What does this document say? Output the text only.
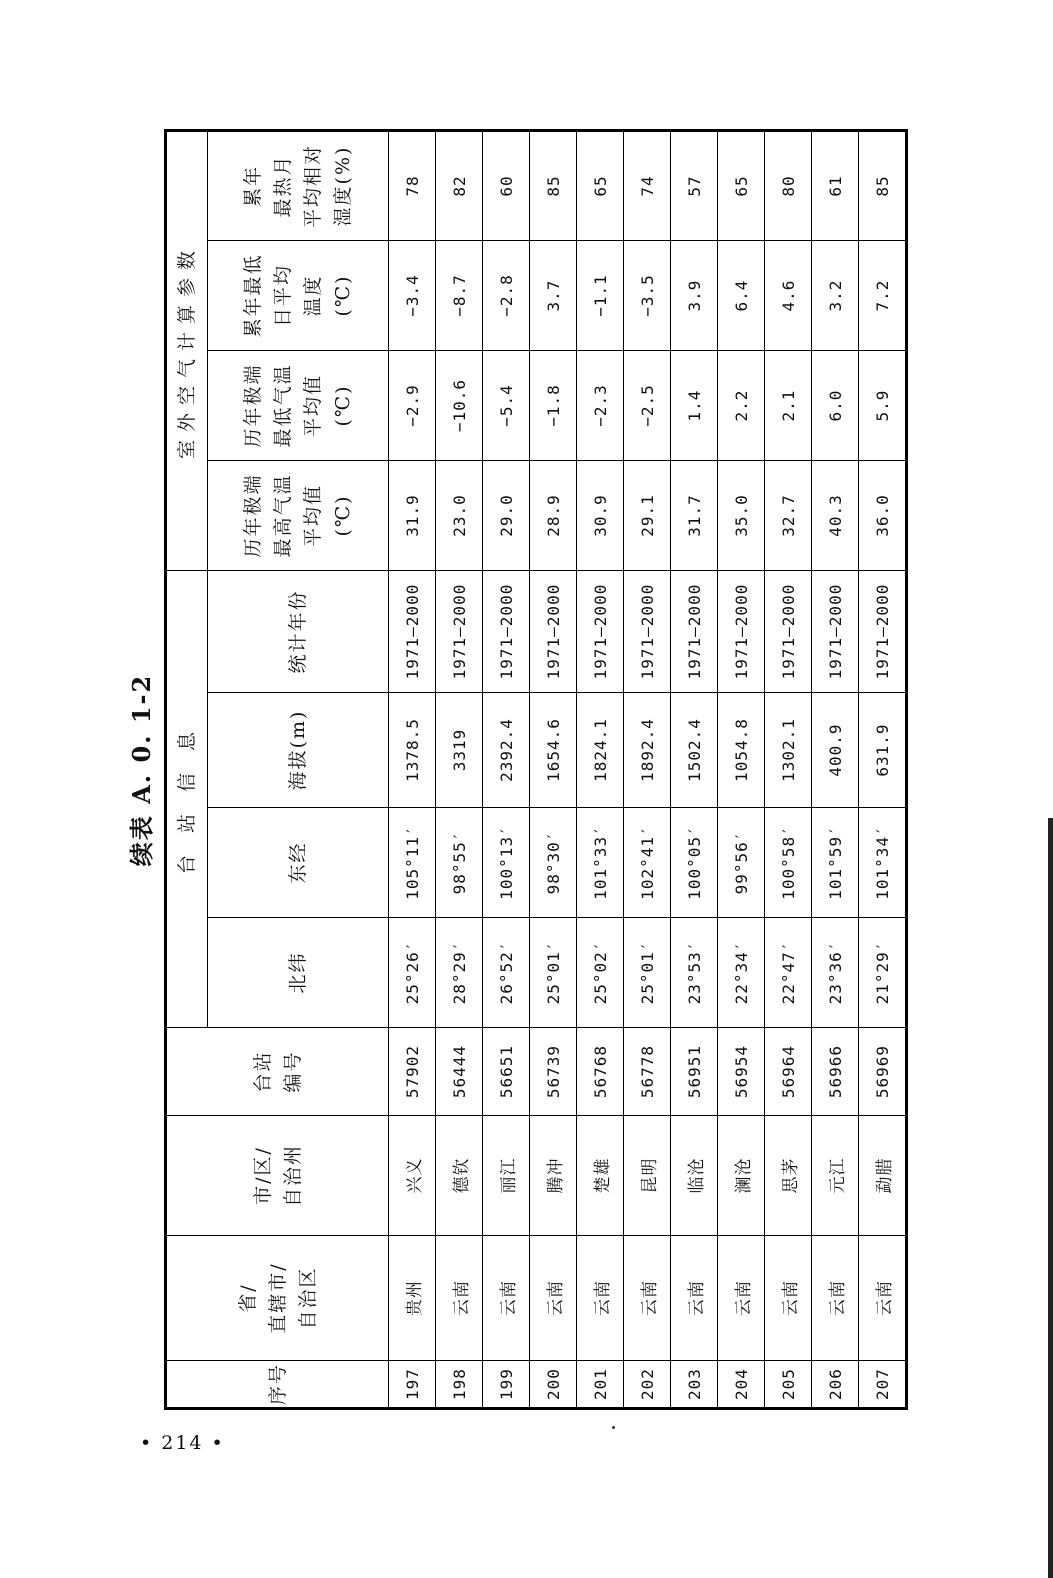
续表 A. 0. 1-2
序号	省/
直辖市/
自治区	市/区/
自治州	台站
编号	台 站 信 息				室外空气计算参数			
				北纬	东经	海拔(m)	统计年份	历年极端
最高气温
平均值
(℃)	历年极端
最低气温
平均值
(℃)	累年最低
日平均
温度
(℃)	累年
最热月
平均相对
湿度(%)
197	贵州	兴义	57902	25°26′	105°11′	1378.5	1971—2000	31.9	−2.9	−3.4	78
198	云南	德钦	56444	28°29′	98°55′	3319	1971—2000	23.0	−10.6	−8.7	82
199	云南	丽江	56651	26°52′	100°13′	2392.4	1971—2000	29.0	−5.4	−2.8	60
200	云南	腾冲	56739	25°01′	98°30′	1654.6	1971—2000	28.9	−1.8	3.7	85
201	云南	楚雄	56768	25°02′	101°33′	1824.1	1971—2000	30.9	−2.3	−1.1	65
202	云南	昆明	56778	25°01′	102°41′	1892.4	1971—2000	29.1	−2.5	−3.5	74
203	云南	临沧	56951	23°53′	100°05′	1502.4	1971—2000	31.7	1.4	3.9	57
204	云南	澜沧	56954	22°34′	99°56′	1054.8	1971—2000	35.0	2.2	6.4	65
205	云南	思茅	56964	22°47′	100°58′	1302.1	1971—2000	32.7	2.1	4.6	80
206	云南	元江	56966	23°36′	101°59′	400.9	1971—2000	40.3	6.0	3.2	61
207	云南	勐腊	56969	21°29′	101°34′	631.9	1971—2000	36.0	5.9	7.2	85
• 214 •
